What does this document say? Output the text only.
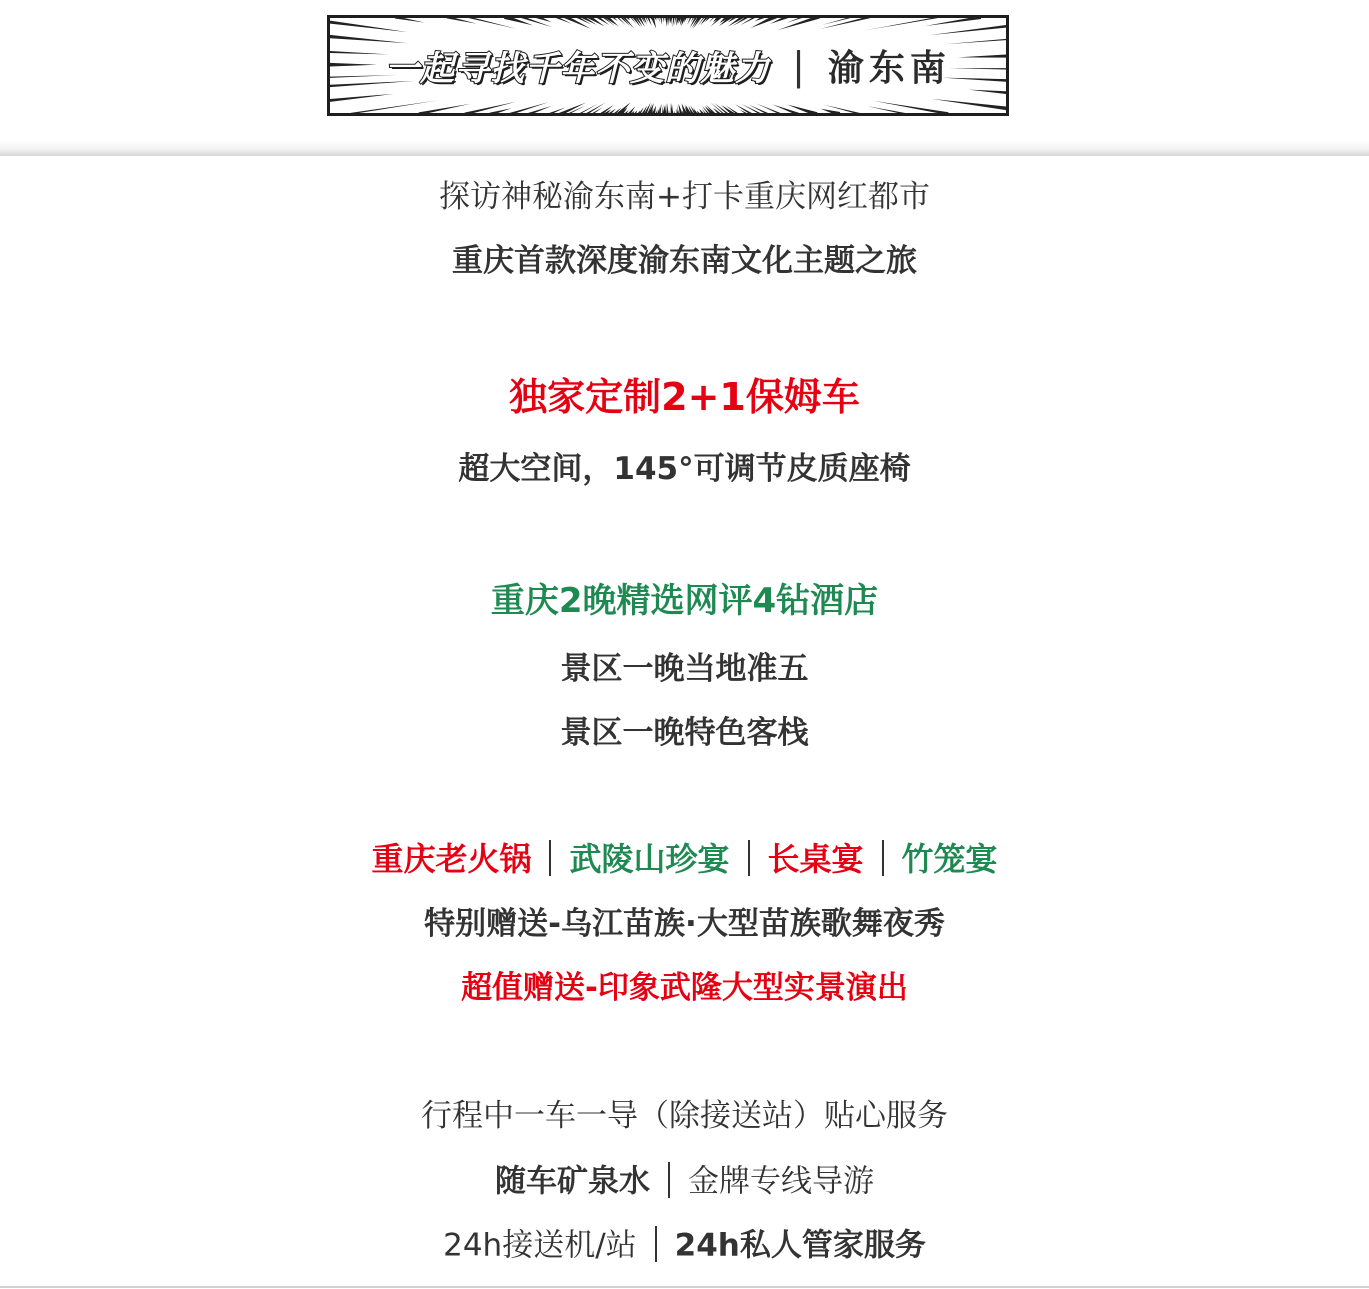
一起寻找千年不变的魅力 | 渝东南
探访神秘渝东南+打卡重庆网红都市
重庆首款深度渝东南文化主题之旅
独家定制2+1保姆车
超大空间，145°可调节皮质座椅
重庆2晚精选网评4钻酒店
景区一晚当地准五
景区一晚特色客栈
重庆老火锅 武陵山珍宴 长桌宴 竹笼宴
特别赠送-乌江苗族·大型苗族歌舞夜秀
超值赠送-印象武隆大型实景演出
行程中一车一导（除接送站）贴心服务
随车矿泉水 金牌专线导游
24h接送机/站 24h私人管家服务
